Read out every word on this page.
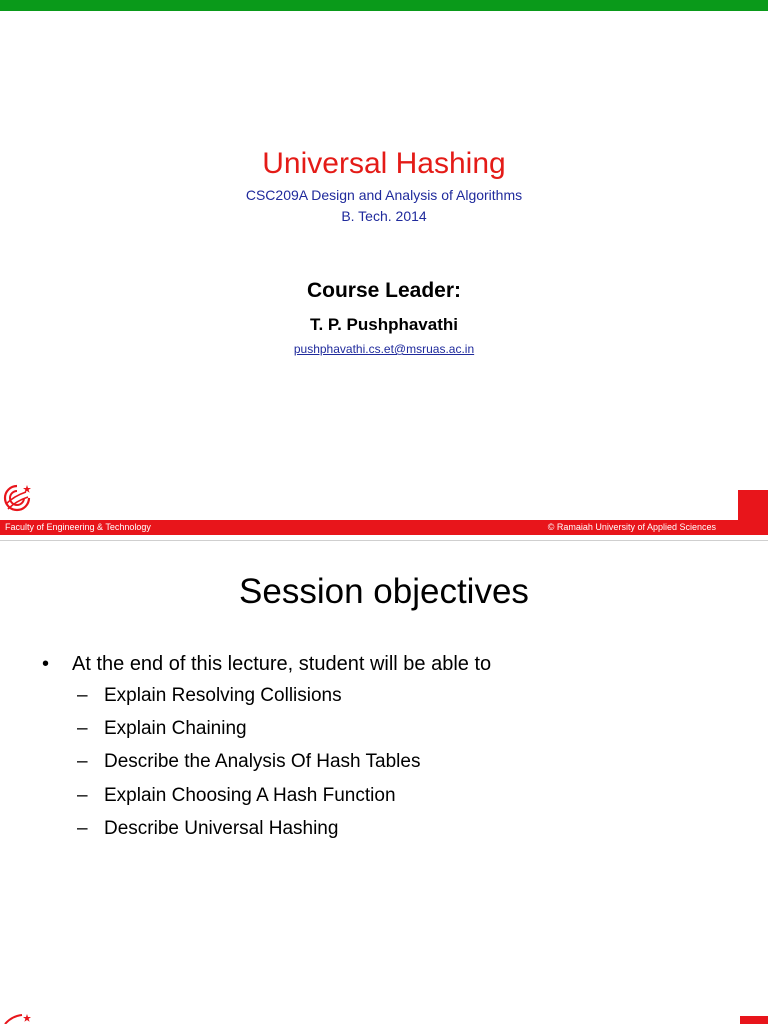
Universal Hashing
CSC209A Design and Analysis of Algorithms
B. Tech. 2014
Course Leader:
T. P. Pushphavathi
pushphavathi.cs.et@msruas.ac.in
Faculty of Engineering & Technology	© Ramaiah University of Applied Sciences
Session objectives
• At the end of this lecture, student will be able to
– Explain Resolving Collisions
– Explain Chaining
– Describe the Analysis Of Hash Tables
– Explain Choosing A Hash Function
– Describe Universal Hashing
